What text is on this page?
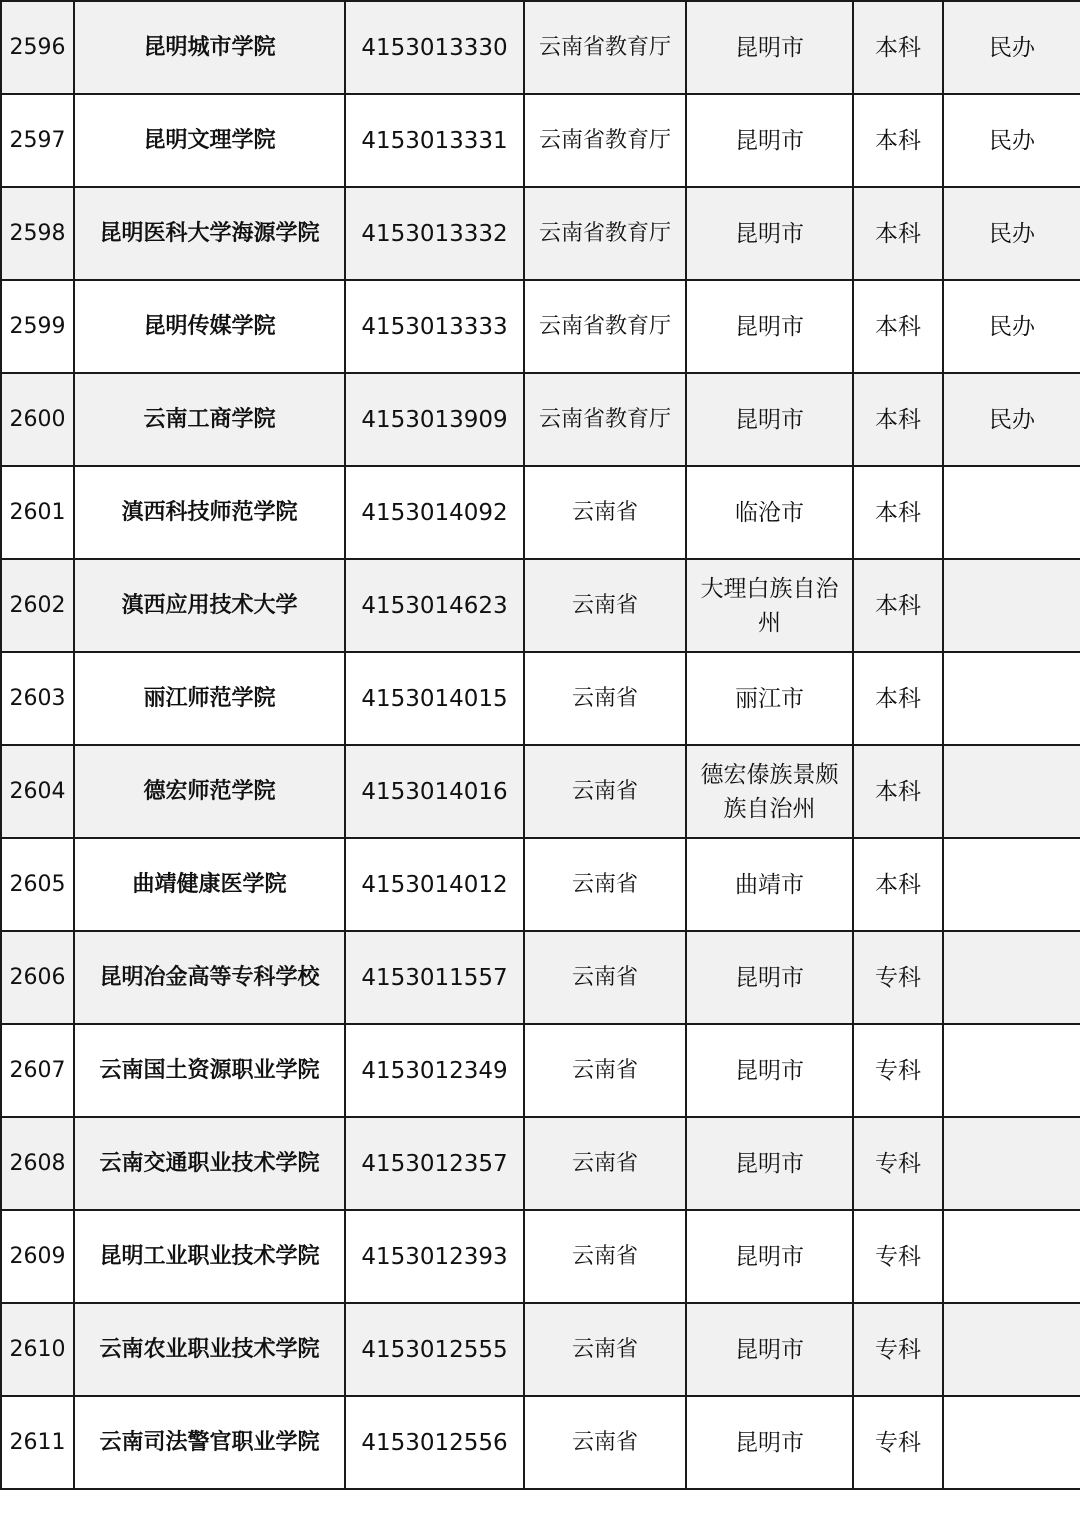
2596	昆明城市学院	4153013330	云南省教育厅	昆明市	本科	民办
2597	昆明文理学院	4153013331	云南省教育厅	昆明市	本科	民办
2598	昆明医科大学海源学院	4153013332	云南省教育厅	昆明市	本科	民办
2599	昆明传媒学院	4153013333	云南省教育厅	昆明市	本科	民办
2600	云南工商学院	4153013909	云南省教育厅	昆明市	本科	民办
2601	滇西科技师范学院	4153014092	云南省	临沧市	本科	
2602	滇西应用技术大学	4153014623	云南省	大理白族自治州	本科	
2603	丽江师范学院	4153014015	云南省	丽江市	本科	
2604	德宏师范学院	4153014016	云南省	德宏傣族景颇族自治州	本科	
2605	曲靖健康医学院	4153014012	云南省	曲靖市	本科	
2606	昆明冶金高等专科学校	4153011557	云南省	昆明市	专科	
2607	云南国土资源职业学院	4153012349	云南省	昆明市	专科	
2608	云南交通职业技术学院	4153012357	云南省	昆明市	专科	
2609	昆明工业职业技术学院	4153012393	云南省	昆明市	专科	
2610	云南农业职业技术学院	4153012555	云南省	昆明市	专科	
2611	云南司法警官职业学院	4153012556	云南省	昆明市	专科	
